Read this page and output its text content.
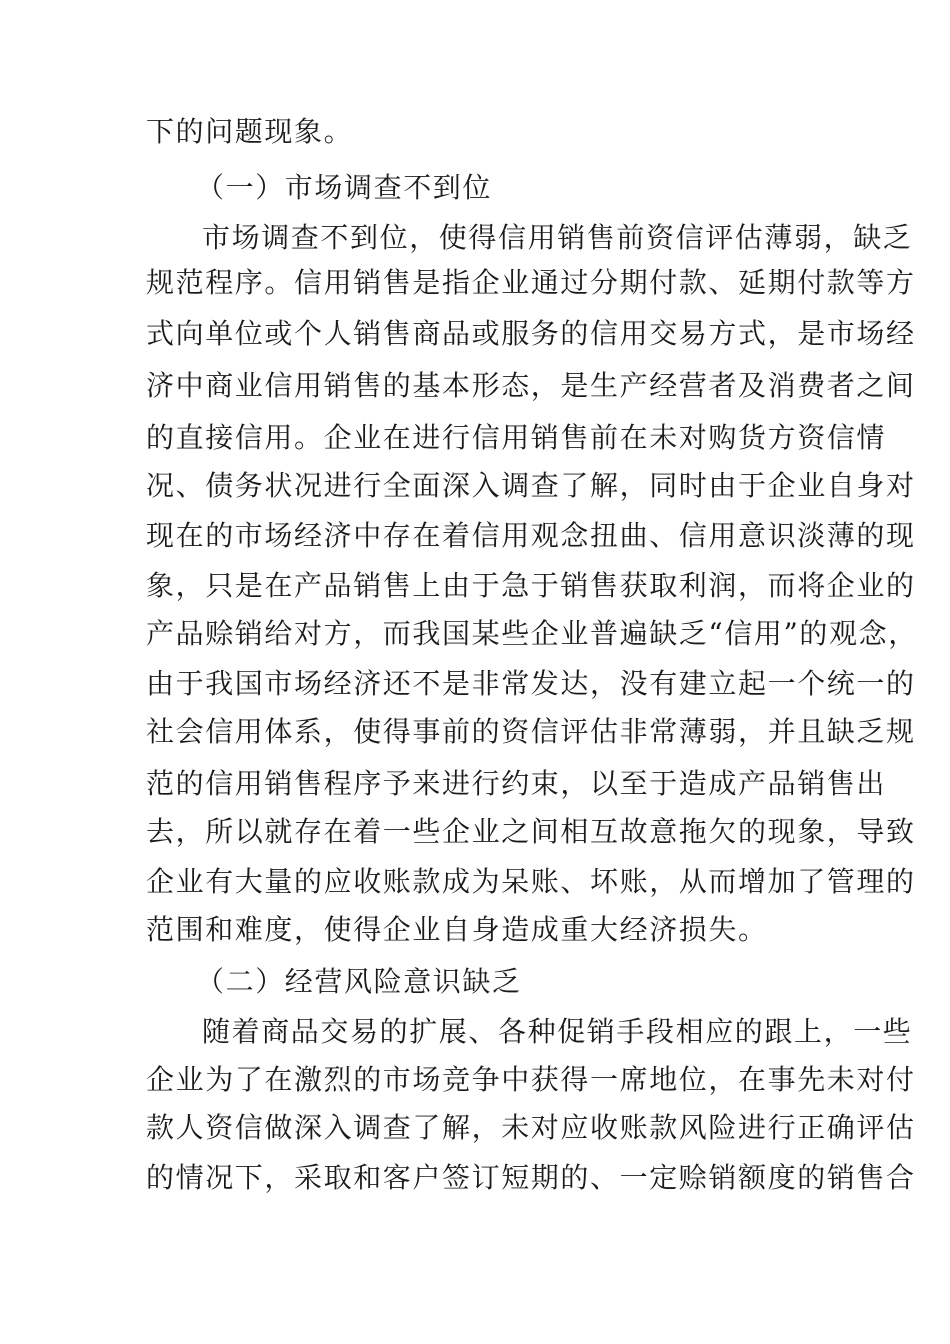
下的问题现象。
（一）市场调查不到位
市场调查不到位，使得信用销售前资信评估薄弱，缺乏
规范程序。信用销售是指企业通过分期付款、延期付款等方
式向单位或个人销售商品或服务的信用交易方式，是市场经
济中商业信用销售的基本形态，是生产经营者及消费者之间
的直接信用。企业在进行信用销售前在未对购货方资信情
况、债务状况进行全面深入调查了解，同时由于企业自身对
现在的市场经济中存在着信用观念扭曲、信用意识淡薄的现
象，只是在产品销售上由于急于销售获取利润，而将企业的
产品赊销给对方，而我国某些企业普遍缺乏“信用”的观念，
由于我国市场经济还不是非常发达，没有建立起一个统一的
社会信用体系，使得事前的资信评估非常薄弱，并且缺乏规
范的信用销售程序予来进行约束，以至于造成产品销售出
去，所以就存在着一些企业之间相互故意拖欠的现象，导致
企业有大量的应收账款成为呆账、坏账，从而增加了管理的
范围和难度，使得企业自身造成重大经济损失。
（二）经营风险意识缺乏
随着商品交易的扩展、各种促销手段相应的跟上，一些
企业为了在激烈的市场竞争中获得一席地位，在事先未对付
款人资信做深入调查了解，未对应收账款风险进行正确评估
的情况下，采取和客户签订短期的、一定赊销额度的销售合
